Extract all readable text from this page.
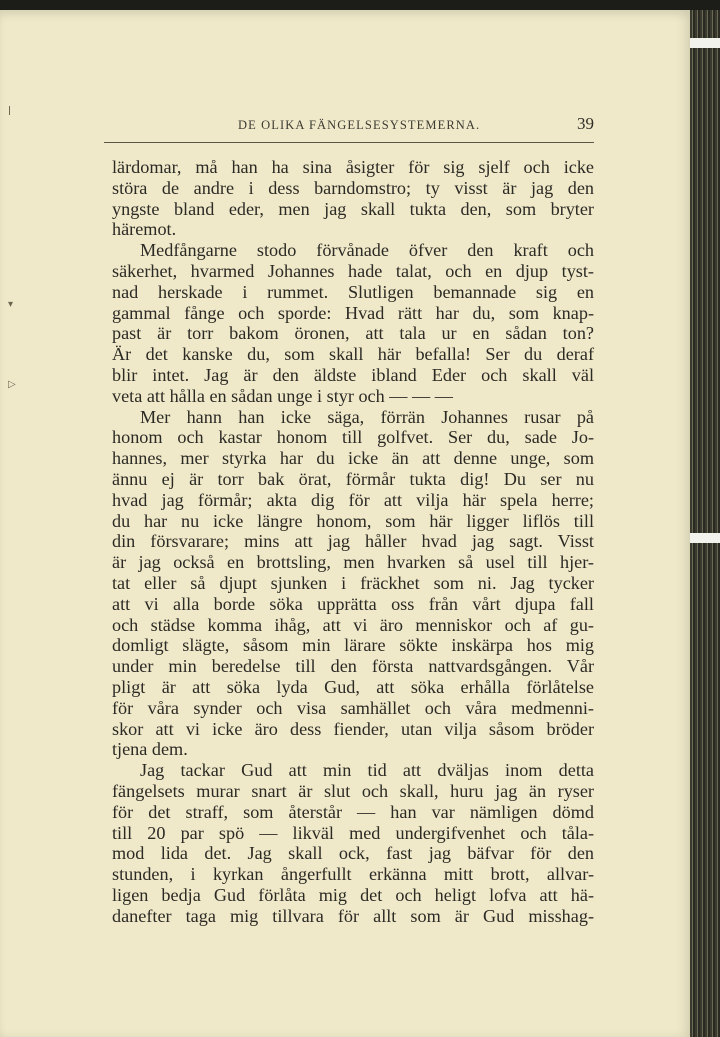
ǀ
▾
▷
DE OLIKA FÄNGELSESYSTEMERNA.	39
lärdomar, må han ha sina åsigter för sig sjelf och icke
störa de andre i dess barndomstro; ty visst är jag den
yngste bland eder, men jag skall tukta den, som bryter
häremot.
Medfångarne stodo förvånade öfver den kraft och
säkerhet, hvarmed Johannes hade talat, och en djup tyst-
nad herskade i rummet. Slutligen bemannade sig en
gammal fånge och sporde: Hvad rätt har du, som knap-
past är torr bakom öronen, att tala ur en sådan ton?
Är det kanske du, som skall här befalla! Ser du deraf
blir intet. Jag är den äldste ibland Eder och skall väl
veta att hålla en sådan unge i styr och — — —
Mer hann han icke säga, förrän Johannes rusar på
honom och kastar honom till golfvet. Ser du, sade Jo-
hannes, mer styrka har du icke än att denne unge, som
ännu ej är torr bak örat, förmår tukta dig! Du ser nu
hvad jag förmår; akta dig för att vilja här spela herre;
du har nu icke längre honom, som här ligger liflös till
din försvarare; mins att jag håller hvad jag sagt. Visst
är jag också en brottsling, men hvarken så usel till hjer-
tat eller så djupt sjunken i fräckhet som ni. Jag tycker
att vi alla borde söka upprätta oss från vårt djupa fall
och städse komma ihåg, att vi äro menniskor och af gu-
domligt slägte, såsom min lärare sökte inskärpa hos mig
under min beredelse till den första nattvardsgången. Vår
pligt är att söka lyda Gud, att söka erhålla förlåtelse
för våra synder och visa samhället och våra medmenni-
skor att vi icke äro dess fiender, utan vilja såsom bröder
tjena dem.
Jag tackar Gud att min tid att dväljas inom detta
fängelsets murar snart är slut och skall, huru jag än ryser
för det straff, som återstår — han var nämligen dömd
till 20 par spö — likväl med undergifvenhet och tåla-
mod lida det. Jag skall ock, fast jag bäfvar för den
stunden, i kyrkan ångerfullt erkänna mitt brott, allvar-
ligen bedja Gud förlåta mig det och heligt lofva att hä-
danefter taga mig tillvara för allt som är Gud misshag-
